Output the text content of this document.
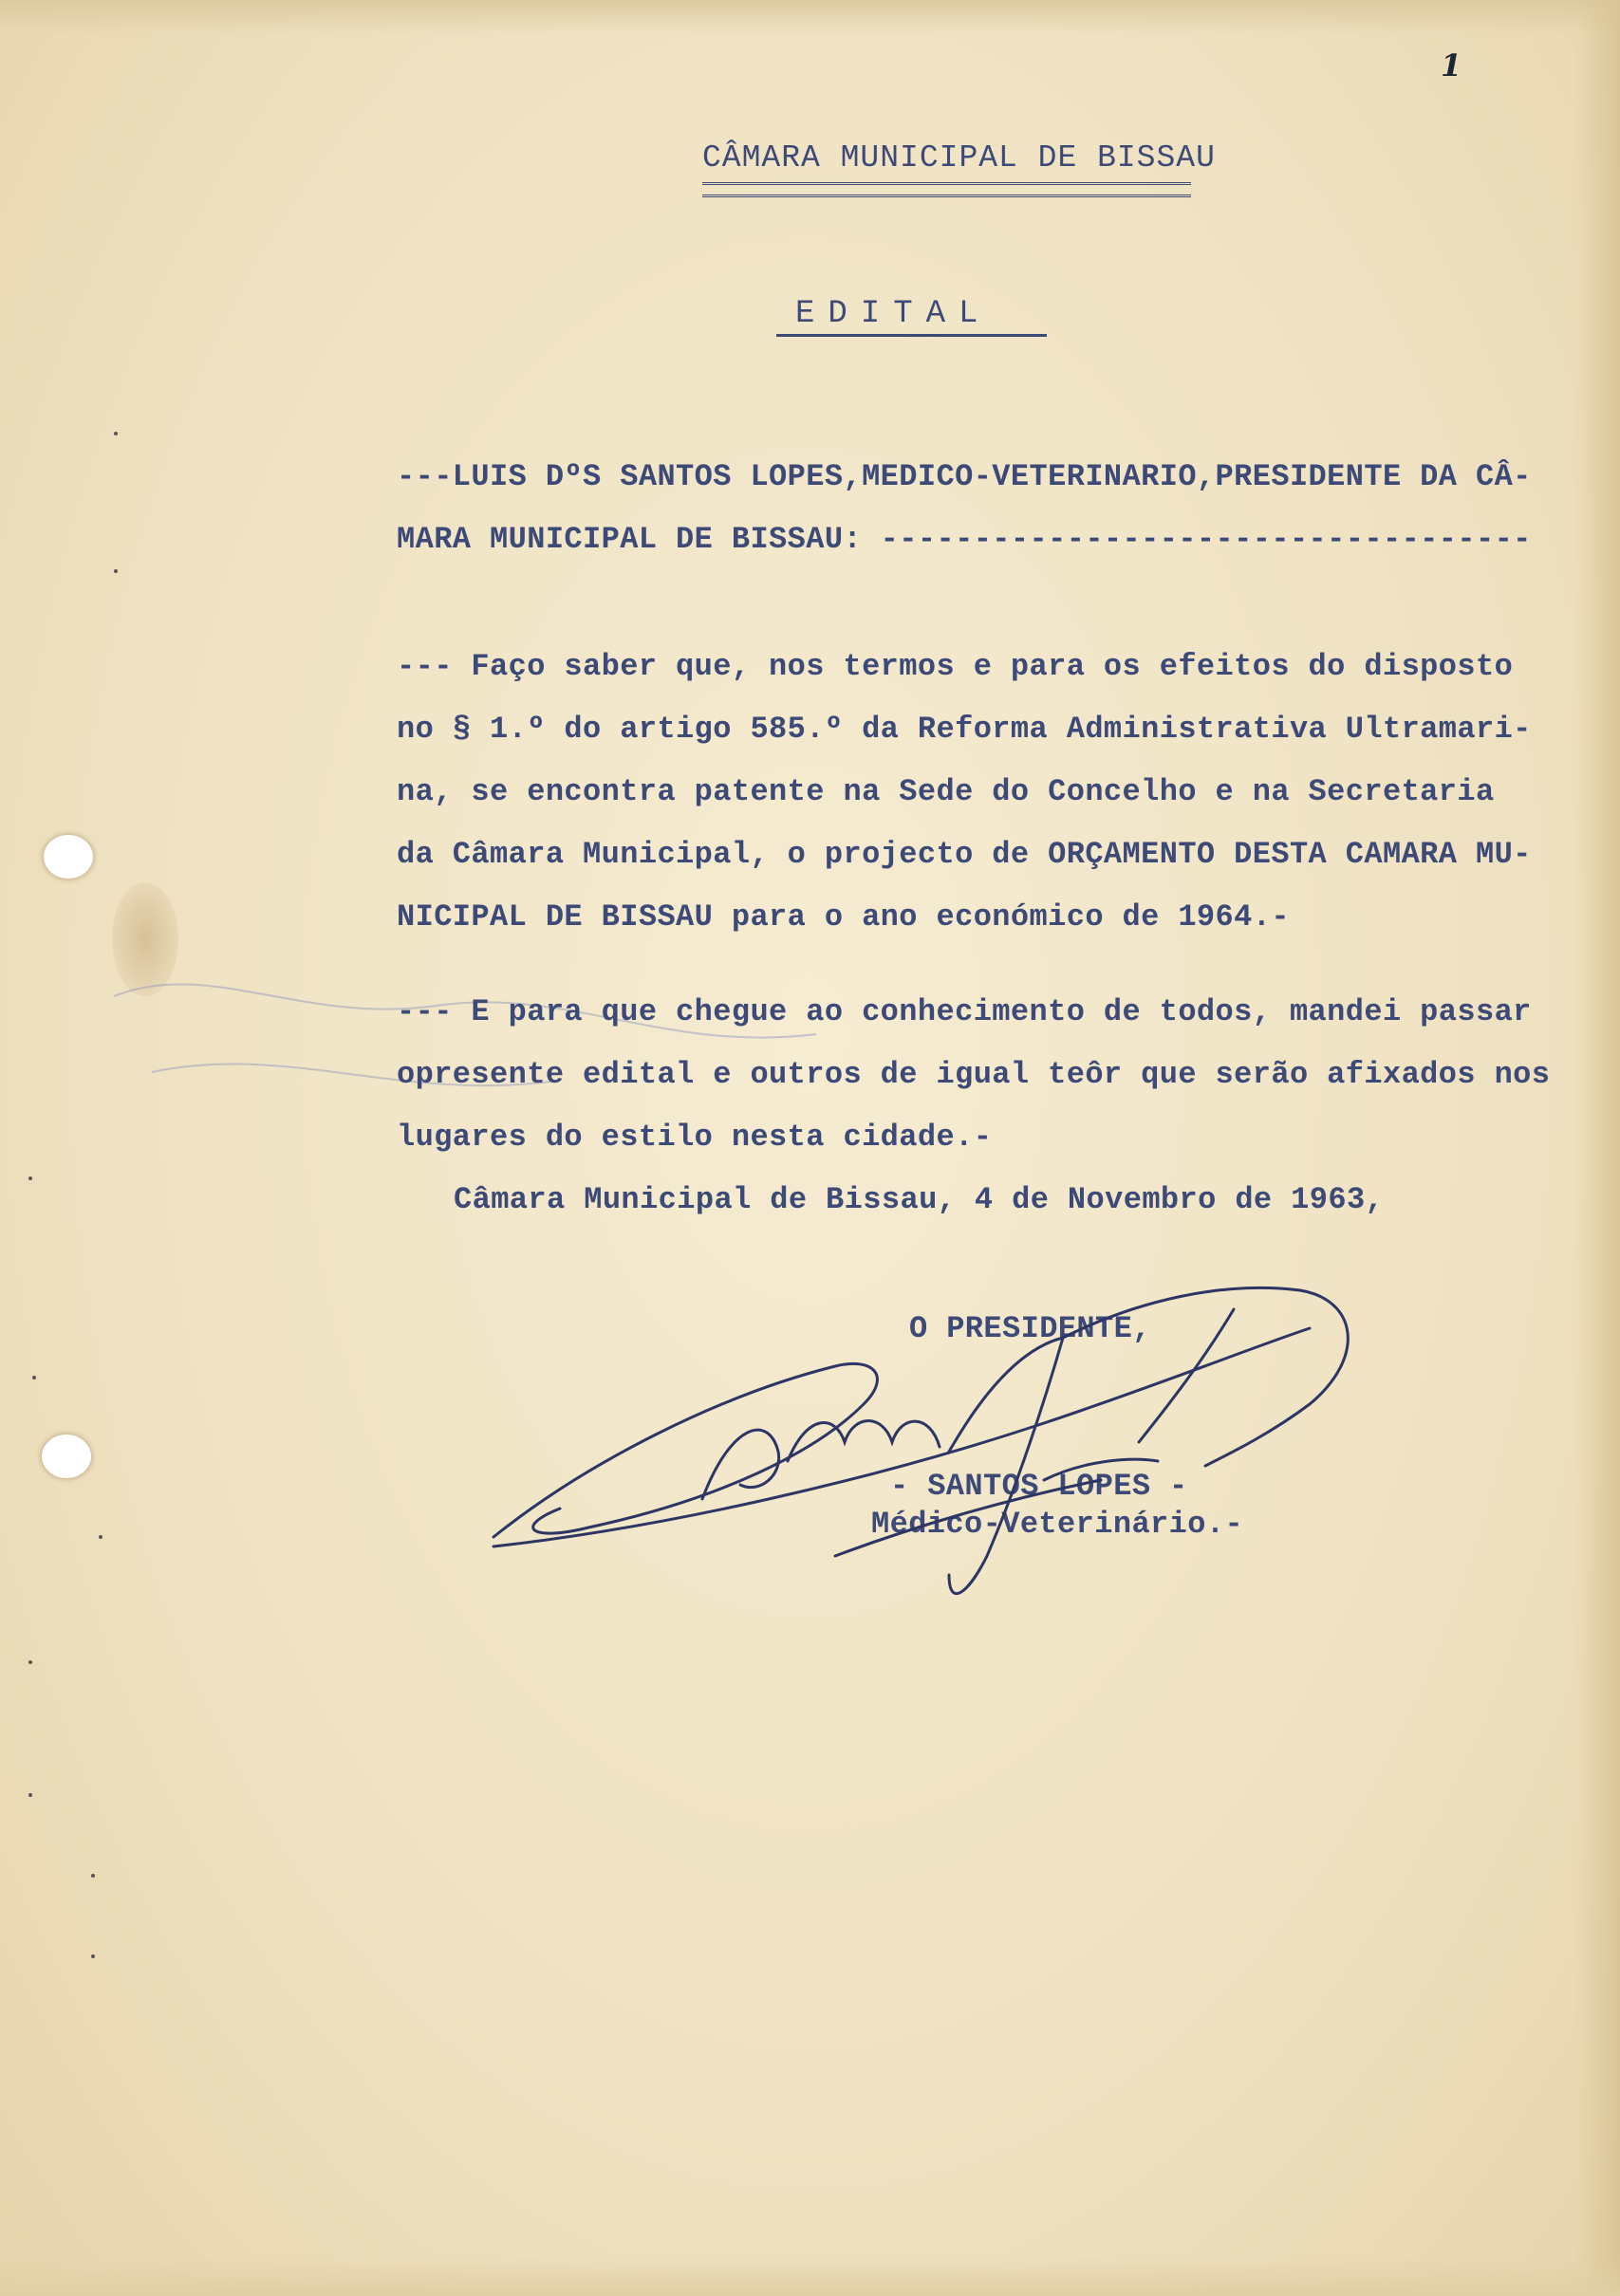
1
CÂMARA MUNICIPAL DE BISSAU
EDITAL
---LUIS DºS SANTOS LOPES,MEDICO-VETERINARIO,PRESIDENTE DA CÂ-
MARA MUNICIPAL DE BISSAU: -----------------------------------
--- Faço saber que, nos termos e para os efeitos do disposto
no § 1.º do artigo 585.º da Reforma Administrativa Ultramari-
na, se encontra patente na Sede do Concelho e na Secretaria
da Câmara Municipal, o projecto de ORÇAMENTO DESTA CAMARA MU-
NICIPAL DE BISSAU para o ano económico de 1964.-
--- E para que chegue ao conhecimento de todos, mandei passar
opresente edital e outros de igual teôr que serão afixados nos
lugares do estilo nesta cidade.-
Câmara Municipal de Bissau, 4 de Novembro de 1963,
O PRESIDENTE,
- SANTOS LOPES -
Médico-Veterinário.-
